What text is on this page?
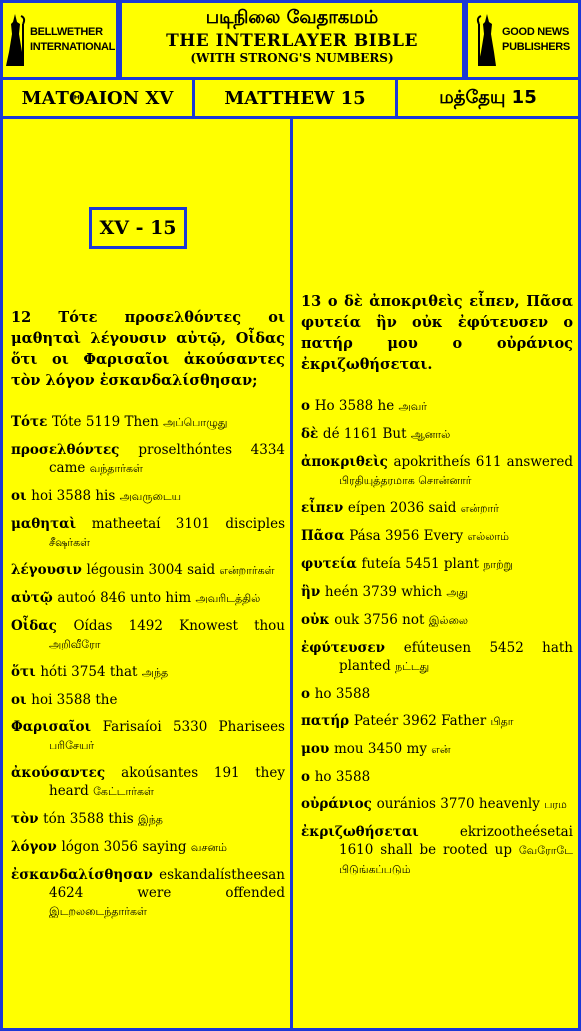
BELLWETHER
INTERNATIONAL
படிநிலை வேதாகமம்
THE INTERLAYER BIBLE
(WITH STRONG'S NUMBERS)
GOOD NEWS
PUBLISHERS
ΜΑΤΘΑΙΟΝ XV	MATTHEW 15	மத்தேயு 15
XV - 15
12 Τότε προσελθόντες οι μαθηταὶ λέγουσιν αὐτῷ, Οἶδας ὅτι οι Φαρισαῖοι ἀκούσαντες τὸν λόγον ἐσκανδαλίσθησαν;
Τότε Tóte 5119 Then அப்பொழுது
προσελθόντες proselthóntes 4334 came வந்தார்கள்
οι hoi 3588 his அவருடைய
μαθηταὶ matheetaí 3101 disciples சீஷர்கள்
λέγουσιν légousin 3004 said என்றார்கள்
αὐτῷ autoó 846 unto him அவரிடத்தில்
Οἶδας Oídas 1492 Knowest thou அறிவீரோ
ὅτι hóti 3754 that அந்த
οι hoi 3588 the
Φαρισαῖοι Farisaíoi 5330 Pharisees பரிசேயர்
ἀκούσαντες akoúsantes 191 they heard கேட்டார்கள்
τὸν tón 3588 this இந்த
λόγον lógon 3056 saying வசனம்
ἐσκανδαλίσθησαν eskandalístheesan 4624 were offended இடறலடைந்தார்கள்
13 ο δὲ ἀποκριθεὶς εἶπεν, Πᾶσα φυτεία ἣν οὐκ ἐφύτευσεν ο πατήρ μου ο οὐράνιος ἐκριζωθήσεται.
ο Ho 3588 he அவர்
δὲ dé 1161 But ஆனால்
ἀποκριθεὶς apokritheís 611 answered பிரதியுத்தரமாக சொன்னார்
εἶπεν eípen 2036 said என்றார்
Πᾶσα Pása 3956 Every எல்லாம்
φυτεία futeía 5451 plant நாற்று
ἣν heén 3739 which அது
οὐκ ouk 3756 not இல்லை
ἐφύτευσεν efúteusen 5452 hath planted நட்டது
ο ho 3588
πατήρ Pateér 3962 Father பிதா
μου mou 3450 my என்
ο ho 3588
οὐράνιος ouránios 3770 heavenly பரம
ἐκριζωθήσεται ekrizootheésetai 1610 shall be rooted up வேரோடே பிடுங்கப்படும்
